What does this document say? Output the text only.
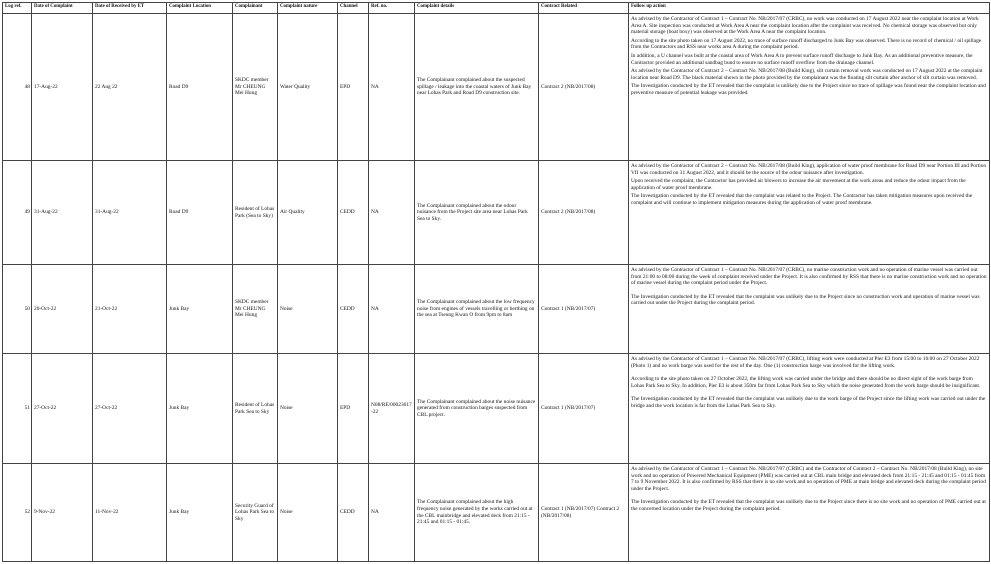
Log ref.	Date of Complaint	Date of Received by ET	Complaint Location	Complainant	Complaint nature	Channel	Ref. no.	Complaint details	Contract Related	Follow up action
48	17-Aug-22	22 Aug 22	Road D9	SKDC member Mr CHEUNG Mei Hung	Water Quality	EPD	NA	The Complainant complained about the suspected spillage / leakage into the coastal waters of Junk Bay near Lohas Park and Road D9 construction site.	Contract 2 (NB/2017/08)	As advised by the Contractor of Contract 1 – Contract No. NB/2017/07 (CRBC), no work was conducted on 17 August 2022 near the complaint location at Work Area A. Site inspection was conducted at Work Area A near the complaint location after the complaint was received. No chemical storage was observed but only material storage (boat boxy) was observed at the Work Area A near the complaint location.

According to the site photo taken on 17 August 2022, no trace of surface runoff discharged to Junk Bay was observed. There is no record of chemical / oil spillage from the Contractors and RSS near works area A during the complaint period.

In addition, a U channel was built at the coastal area of Work Area A to prevent surface runoff discharge to Junk Bay. As an additional preventive measure, the Contractor provided an additional sandbag bund to ensure no surface runoff overflow from the drainage channel.

As advised by the Contractor of Contract 2 – Contract No. NB/2017/08 (Build King), silt curtain removal work was conducted on 17 August 2022 at the complaint location near Road D9. The black material shown in the photo provided by the complainant was the floating silt curtain after anchor of silt curtain was removed.

The Investigation conducted by the ET revealed that the complaint is unlikely due to the Project since no trace of spillage was found near the complaint location and preventive measure of potential leakage was provided.

49	31-Aug-22	31-Aug-22	Road D9	Resident of Lohas Park (Sea to Sky)	Air Quality	CEDD	NA	The Complainant complained about the odour nuisance from the Project site area near Lohas Park Sea to Sky.	Contract 2 (NB/2017/08)	As advised by the Contractor of Contract 2 – Contract No. NB/2017/08 (Build King), application of water proof membrane for Road D9 near Portion III and Portion VII was conducted on 31 August 2022, and it should be the source of the odour nuisance after investigation.

Upon received the complaint, the Contractor has provided air blowers to increase the air movement at the work areas and reduce the odour impact from the application of water proof membrane.

The Investigation conducted by the ET revealed that the complaint was related to the Project. The Contractor has taken mitigation measures upon received the complaint and will continue to implement mitigation measures during the application of water proof membrane.

50	20-Oct-22	21-Oct-22	Junk Bay	SKDC member Mr CHEUNG Mei Hung	Noise	CEDD	NA	The Complainant complained about the low frequency noise from engines of vessels travelling or berthing on the sea at Tseung Kwan O from 9pm to 8am	Contract 1 (NB/2017/07)	As advised by the Contractor of Contract 1 – Contract No. NB/2017/07 (CRBC), no marine construction work and no operation of marine vessel was carried out from 21:00 to 08:00 during the week of complaint received under the Project. It is also confirmed by RSS that there is no marine construction work and no operation of marine vessel during the complaint period under the Project.

The Investigation conducted by the ET revealed that the complaint was unlikely due to the Project since no construction work and operation of marine vessel was carried out under the Project during the complaint period.

51	27-Oct-22	27-Oct-22	Junk Bay	Resident of Lohas Park Sea to Sky	Noise	EPD	N08/RE/00023617-22	The Complainant complained about the noise nuisance generated from construction barges suspected from CBL project.	Contract 1 (NB/2017/07)	As advised by the Contractor of Contract 1 – Contract No. NB/2017/07 (CRBC), lifting work were conducted at Pier E3 from 15:00 to 16:00 on 27 October 2022 (Photo 1) and no work barge was used for the rest of the day. One (1) construction barge was involved for the lifting work.

According to the site photo taken on 27 October 2022, the lifting work was carried under the bridge and there should be no direct sight of the work barge from Lohas Park Sea to Sky. In addition, Pier E3 is about 350m far from Lohas Park Sea to Sky which the noise generated from the work barge should be insignificant.

The Investigation conducted by the ET revealed that the complaint was unlikely due to the work barge of the Project since the lifting work was carried out under the bridge and the work location is far from the Lohas Park Sea to Sky.

52	9-Nov-22	11-Nov-22	Junk Bay	Security Guard of Lohas Park Sea to Sky	Noise	CEDD	NA	The Complainant complained about the high frequency noise generated by the works carried out at the CBL mainbridge and elevated deck from 21:15 - 21:45 and 01:15 - 01:45.	Contract 1 (NB/2017/07) Contract 2 (NB/2017/08)	As advised by the Contractor of Contract 1 – Contract No. NB/2017/07 (CRBC) and the Contractor of Contract 2 – Contract No. NB/2017/08 (Build King), no site work and no operation of Powered Mechanical Equipment (PME) was carried out at CBL main bridge and elevated deck from 21:15 - 21:45 and 01:15 - 01:45 from 7 to 9 November 2022. It is also confirmed by RSS that there is no site work and no operation of PME at main bridge and elevated deck during the complaint period under the Project.

The Investigation conducted by the ET revealed that the complaint was unlikely due to the Project since there is no site work and no operation of PME carried out at the concerned location under the Project during the complaint period.
